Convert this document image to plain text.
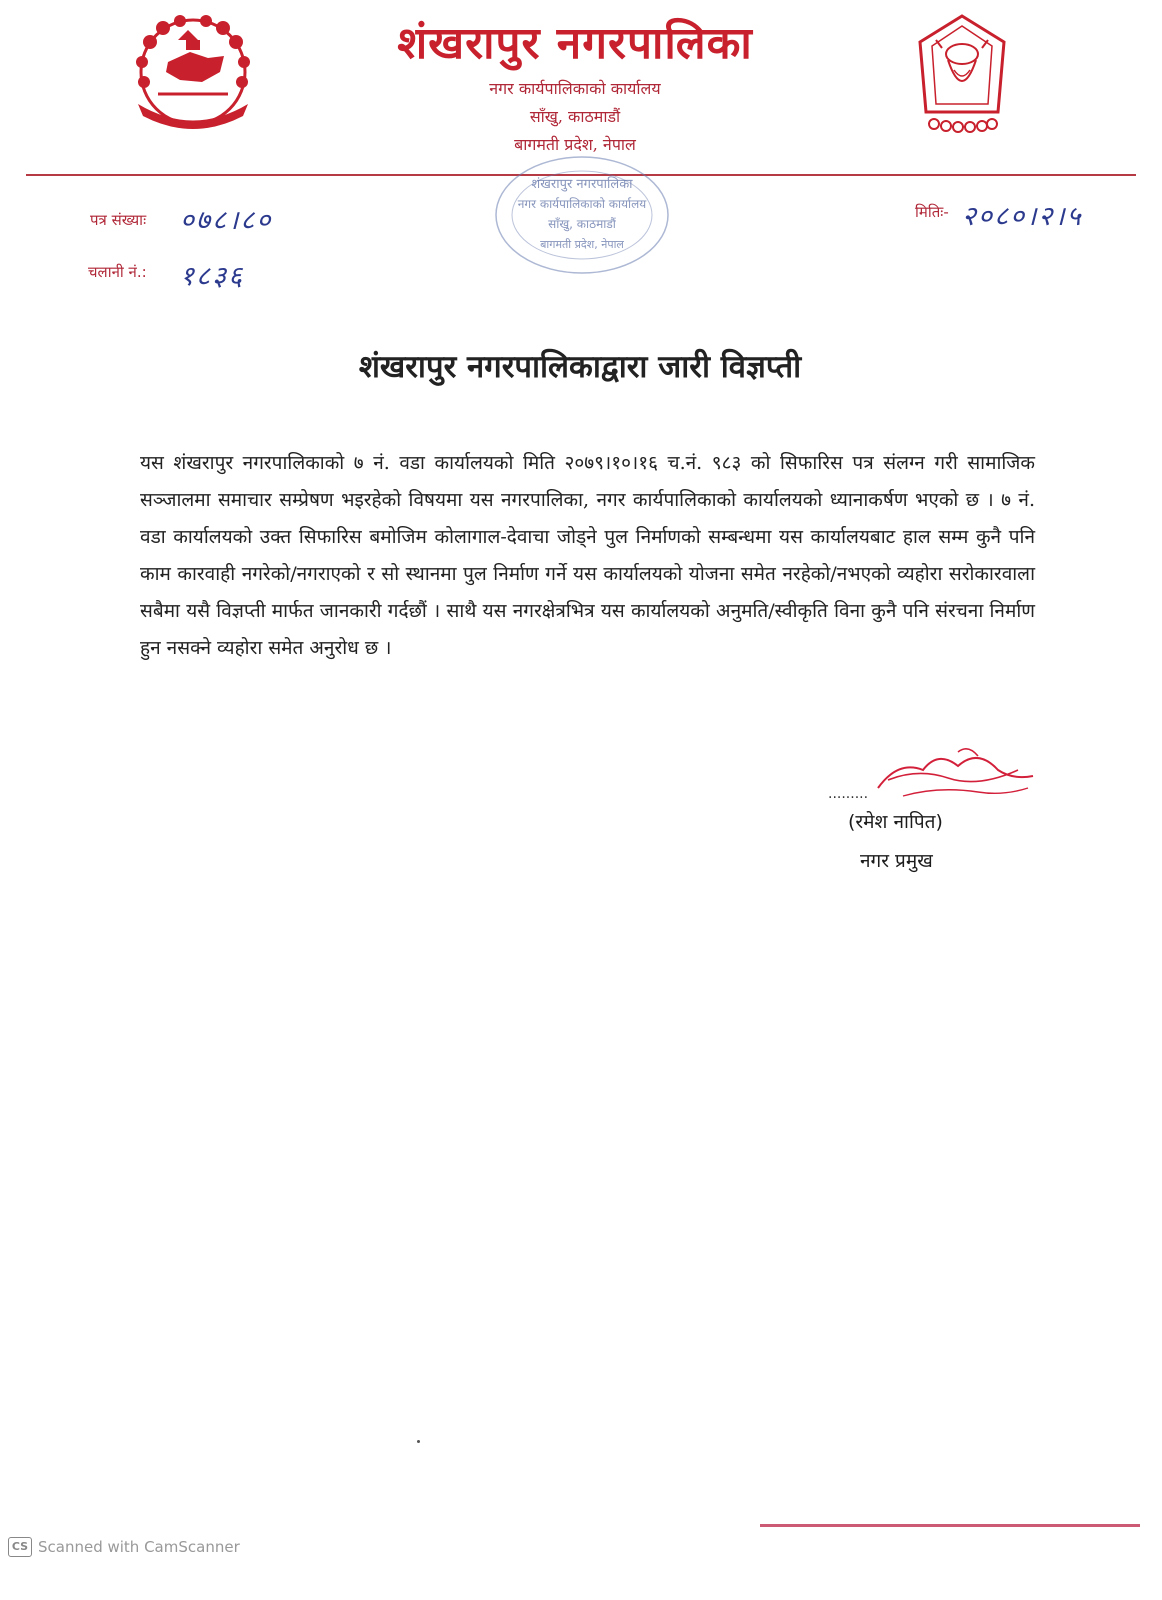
शंखरापुर नगरपालिका
नगर कार्यपालिकाको कार्यालय
साँखु, काठमाडौं
बागमती प्रदेश, नेपाल
शंखरापुर नगरपालिका
नगर कार्यपालिकाको कार्यालय
साँखु, काठमाडौं
बागमती प्रदेश, नेपाल
पत्र संख्याः ०७८।८०
चलानी नं.: १८३६
मितिः- २०८०।२।५
शंखरापुर नगरपालिकाद्वारा जारी विज्ञप्ती
यस शंखरापुर नगरपालिकाको ७ नं. वडा कार्यालयको मिति २०७९।१०।१६ च.नं. ९८३ को सिफारिस पत्र संलग्न गरी सामाजिक सञ्जालमा समाचार सम्प्रेषण भइरहेको विषयमा यस नगरपालिका, नगर कार्यपालिकाको कार्यालयको ध्यानाकर्षण भएको छ । ७ नं. वडा कार्यालयको उक्त सिफारिस बमोजिम कोलागाल-देवाचा जोड्ने पुल निर्माणको सम्बन्धमा यस कार्यालयबाट हाल सम्म कुनै पनि काम कारवाही नगरेको/नगराएको र सो स्थानमा पुल निर्माण गर्ने यस कार्यालयको योजना समेत नरहेको/नभएको व्यहोरा सरोकारवाला सबैमा यसै विज्ञप्ती मार्फत जानकारी गर्दछौं । साथै यस नगरक्षेत्रभित्र यस कार्यालयको अनुमति/स्वीकृति विना कुनै पनि संरचना निर्माण हुन नसक्ने व्यहोरा समेत अनुरोध छ ।
.........
(रमेश नापित)
नगर प्रमुख
CS Scanned with CamScanner
